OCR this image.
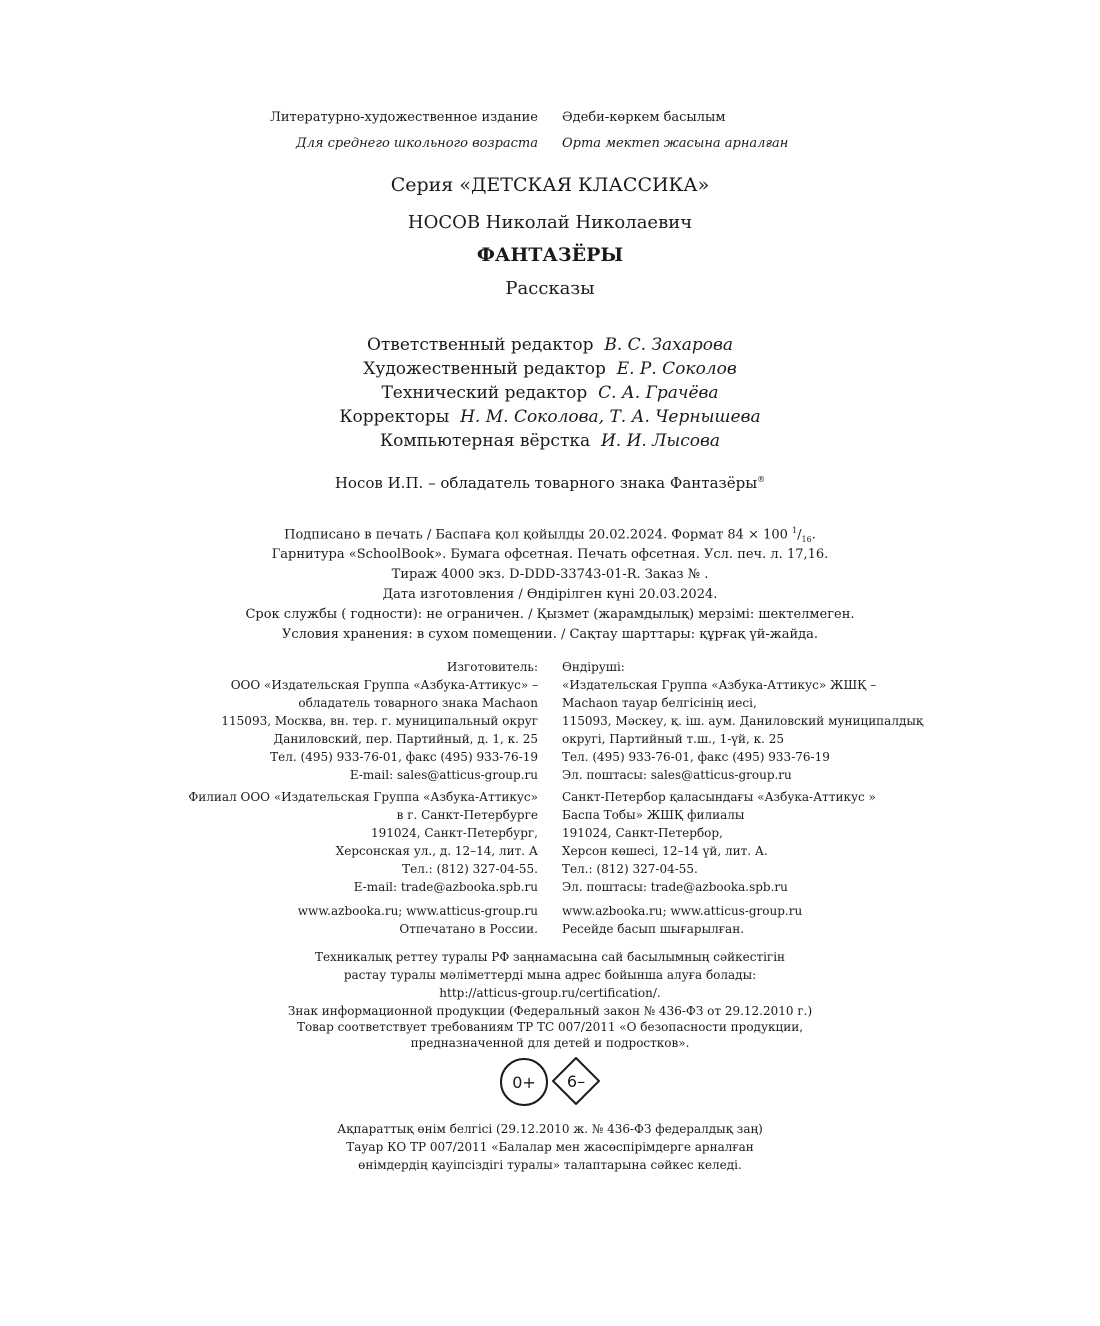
Литературно-художественное издание Әдеби-көркем басылым
Для среднего школьного возраста Орта мектеп жасына арналған
Серия «ДЕТСКАЯ КЛАССИКА»
НОСОВ Николай Николаевич
ФАНТАЗЁРЫ
Рассказы
Ответственный редактор В. С. Захарова
Художественный редактор Е. Р. Соколов
Технический редактор С. А. Грачёва
Корректоры Н. М. Соколова, Т. А. Чернышева
Компьютерная вёрстка И. И. Лысова
Носов И.П. – обладатель товарного знака Фантазёры®
Подписано в печать / Баспаға қол қойылды 20.02.2024. Формат 84 × 100 $^1/_{16}$.
Гарнитура «SchoolBook». Бумага офсетная. Печать офсетная. Усл. печ. л. 17,16.
Тираж 4000 экз. D-DDD-33743-01-R. Заказ № .
Дата изготовления / Өндірілген күні 20.03.2024.
Срок службы ( годности): не ограничен. / Қызмет (жарамдылық) мерзімі: шектелмеген.
Условия хранения: в сухом помещении. / Сақтау шарттары: құрғақ үй-жайда.
Изготовитель:
ООО «Издательская Группа «Азбука-Аттикус» –
обладатель товарного знака Machaon
115093, Москва, вн. тер. г. муниципальный округ
Даниловский, пер. Партийный, д. 1, к. 25
Тел. (495) 933-76-01, факс (495) 933-76-19
E-mail: sales@atticus-group.ru
Өндіруші:
«Издательская Группа «Азбука-Аттикус» ЖШҚ –
Machaon тауар белгісінің иесі,
115093, Мәскеу, қ. іш. аум. Даниловский муниципалдық
округі, Партийный т.ш., 1-үй, к. 25
Тел. (495) 933-76-01, факс (495) 933-76-19
Эл. поштасы: sales@atticus-group.ru
Филиал ООО «Издательская Группа «Азбука-Аттикус»
в г. Санкт-Петербурге
191024, Санкт-Петербург,
Херсонская ул., д. 12–14, лит. А
Тел.: (812) 327-04-55.
E-mail: trade@azbooka.spb.ru
Санкт-Петербор қаласындағы «Азбука-Аттикус »
Баспа Тобы» ЖШҚ филиалы
191024, Санкт-Петербор,
Херсон көшесі, 12–14 үй, лит. А.
Тел.: (812) 327-04-55.
Эл. поштасы: trade@azbooka.spb.ru
www.azbooka.ru; www.atticus-group.ru
Отпечатано в России.
www.azbooka.ru; www.atticus-group.ru
Ресейде басып шығарылған.
Техникалық реттеу туралы РФ заңнамасына сай басылымның сәйкестігін
растау туралы мәліметтерді мына адрес бойынша алуға болады:
http://atticus-group.ru/certification/.
Знак информационной продукции (Федеральный закон № 436-ФЗ от 29.12.2010 г.)
Товар соответствует требованиям ТР ТС 007/2011 «О безопасности продукции,
предназначенной для детей и подростков».
0+	6–
Ақпараттық өнім белгісі (29.12.2010 ж. № 436-ФЗ федералдық заң)
Тауар КО ТР 007/2011 «Балалар мен жасөспірімдерге арналған
өнімдердің қауіпсіздігі туралы» талаптарына сәйкес келеді.
